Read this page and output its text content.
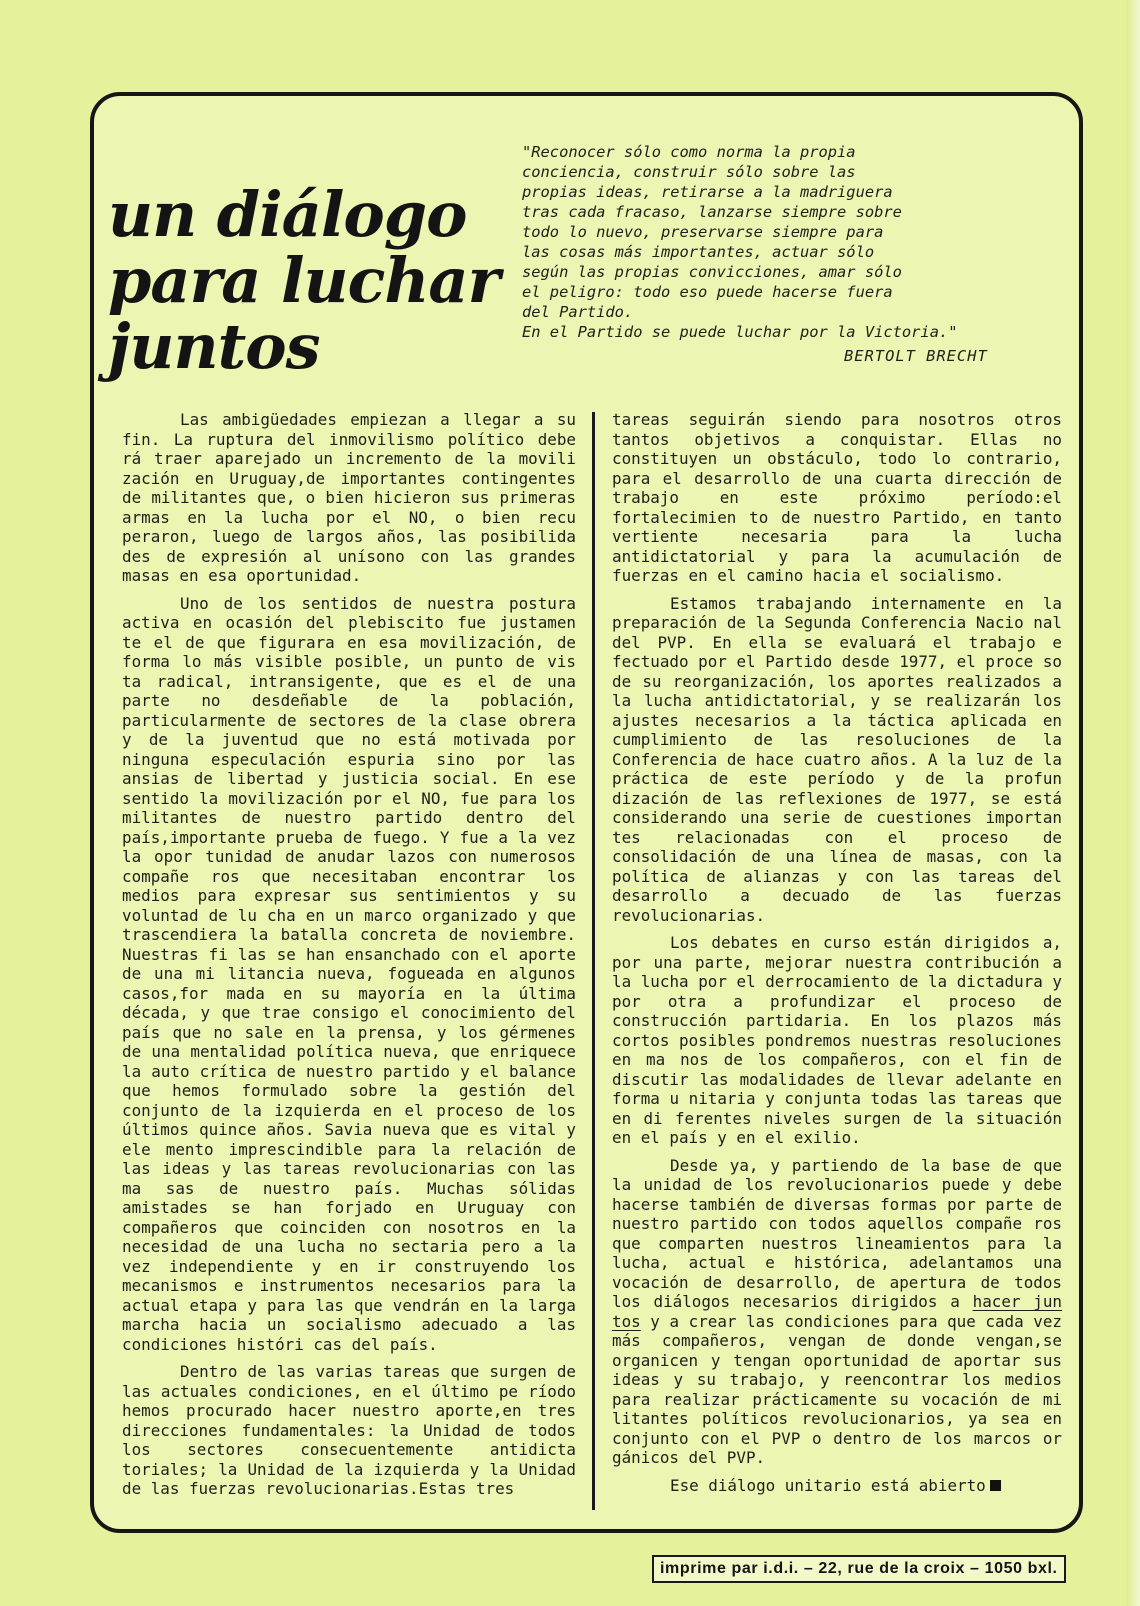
un diálogo
para luchar
juntos

"Reconocer sólo como norma la propia

conciencia, construir sólo sobre las

propias ideas, retirarse a la madriguera

tras cada fracaso, lanzarse siempre sobre

todo lo nuevo, preservarse siempre para

las cosas más importantes, actuar sólo

según las propias convicciones, amar sólo

el peligro: todo eso puede hacerse fuera

del Partido.

En el Partido se puede luchar por la Victoria."

BERTOLT BRECHT

Las ambigüedades empiezan a llegar a su fin. La ruptura del inmovilismo político debe rá traer aparejado un incremento de la movili zación en Uruguay,de importantes contingentes de militantes que, o bien hicieron sus primeras armas en la lucha por el NO, o bien recu peraron, luego de largos años, las posibilida des de expresión al unísono con las grandes masas en esa oportunidad.

Uno de los sentidos de nuestra postura activa en ocasión del plebiscito fue justamen te el de que figurara en esa movilización, de forma lo más visible posible, un punto de vis ta radical, intransigente, que es el de una parte no desdeñable de la población, particularmente de sectores de la clase obrera y de la juventud que no está motivada por ninguna especulación espuria sino por las ansias de libertad y justicia social. En ese sentido la movilización por el NO, fue para los militantes de nuestro partido dentro del país,importante prueba de fuego. Y fue a la vez la opor tunidad de anudar lazos con numerosos compañe ros que necesitaban encontrar los medios para expresar sus sentimientos y su voluntad de lu cha en un marco organizado y que trascendiera la batalla concreta de noviembre. Nuestras fi las se han ensanchado con el aporte de una mi litancia nueva, fogueada en algunos casos,for mada en su mayoría en la última década, y que trae consigo el conocimiento del país que no sale en la prensa, y los gérmenes de una mentalidad política nueva, que enriquece la auto crítica de nuestro partido y el balance que hemos formulado sobre la gestión del conjunto de la izquierda en el proceso de los últimos quince años. Savia nueva que es vital y ele mento imprescindible para la relación de las ideas y las tareas revolucionarias con las ma sas de nuestro país. Muchas sólidas amistades se han forjado en Uruguay con compañeros que coinciden con nosotros en la necesidad de una lucha no sectaria pero a la vez independiente y en ir construyendo los mecanismos e instrumentos necesarios para la actual etapa y para las que vendrán en la larga marcha hacia un socialismo adecuado a las condiciones históri cas del país.

Dentro de las varias tareas que surgen de las actuales condiciones, en el último pe ríodo hemos procurado hacer nuestro aporte,en tres direcciones fundamentales: la Unidad de todos los sectores consecuentemente antidicta toriales; la Unidad de la izquierda y la Unidad de las fuerzas revolucionarias.Estas tres

tareas seguirán siendo para nosotros otros tantos objetivos a conquistar. Ellas no constituyen un obstáculo, todo lo contrario, para el desarrollo de una cuarta dirección de trabajo en este próximo período:el fortalecimien to de nuestro Partido, en tanto vertiente necesaria para la lucha antidictatorial y para la acumulación de fuerzas en el camino hacia el socialismo.

Estamos trabajando internamente en la preparación de la Segunda Conferencia Nacio nal del PVP. En ella se evaluará el trabajo e fectuado por el Partido desde 1977, el proce so de su reorganización, los aportes realizados a la lucha antidictatorial, y se realizarán los ajustes necesarios a la táctica aplicada en cumplimiento de las resoluciones de la Conferencia de hace cuatro años. A la luz de la práctica de este período y de la profun dización de las reflexiones de 1977, se está considerando una serie de cuestiones importan tes relacionadas con el proceso de consolidación de una línea de masas, con la política de alianzas y con las tareas del desarrollo a decuado de las fuerzas revolucionarias.

Los debates en curso están dirigidos a, por una parte, mejorar nuestra contribución a la lucha por el derrocamiento de la dictadura y por otra a profundizar el proceso de construcción partidaria. En los plazos más cortos posibles pondremos nuestras resoluciones en ma nos de los compañeros, con el fin de discutir las modalidades de llevar adelante en forma u nitaria y conjunta todas las tareas que en di ferentes niveles surgen de la situación en el país y en el exilio.

Desde ya, y partiendo de la base de que la unidad de los revolucionarios puede y debe hacerse también de diversas formas por parte de nuestro partido con todos aquellos compañe ros que comparten nuestros lineamientos para la lucha, actual e histórica, adelantamos una vocación de desarrollo, de apertura de todos los diálogos necesarios dirigidos a hacer jun tos y a crear las condiciones para que cada vez más compañeros, vengan de donde vengan,se organicen y tengan oportunidad de aportar sus ideas y su trabajo, y reencontrar los medios para realizar prácticamente su vocación de mi litantes políticos revolucionarios, ya sea en conjunto con el PVP o dentro de los marcos or gánicos del PVP.

Ese diálogo unitario está abierto

imprime par i.d.i. – 22, rue de la croix – 1050 bxl.
